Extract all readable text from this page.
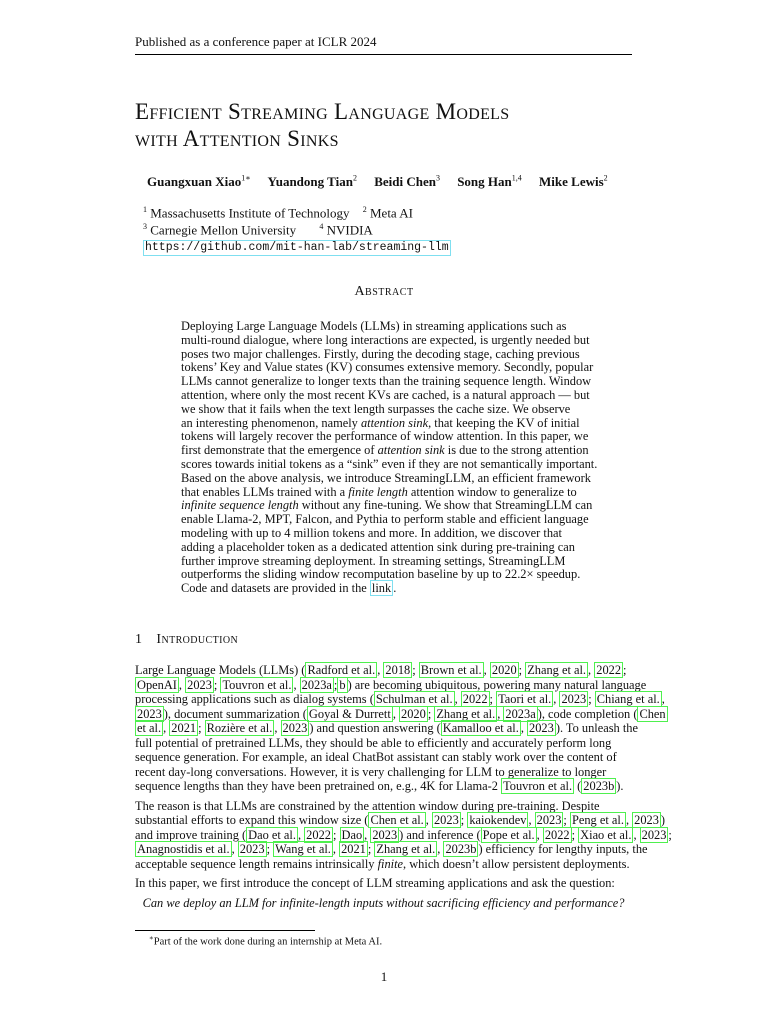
Published as a conference paper at ICLR 2024
Efficient Streaming Language Models
with Attention Sinks
Guangxuan Xiao$^{1∗}$ Yuandong Tian$^2$ Beidi Chen$^3$ Song Han$^{1,4}$ Mike Lewis$^2$
$^1$ Massachusetts Institute of Technology $^2$ Meta AI
$^3$ Carnegie Mellon University	$^4$ NVIDIA
https://github.com/mit-han-lab/streaming-llm
Abstract
Deploying Large Language Models (LLMs) in streaming applications such as
multi-round dialogue, where long interactions are expected, is urgently needed but
poses two major challenges. Firstly, during the decoding stage, caching previous
tokens’ Key and Value states (KV) consumes extensive memory. Secondly, popular
LLMs cannot generalize to longer texts than the training sequence length. Window
attention, where only the most recent KVs are cached, is a natural approach — but
we show that it fails when the text length surpasses the cache size. We observe
an interesting phenomenon, namely attention sink, that keeping the KV of initial
tokens will largely recover the performance of window attention. In this paper, we
first demonstrate that the emergence of attention sink is due to the strong attention
scores towards initial tokens as a “sink” even if they are not semantically important.
Based on the above analysis, we introduce StreamingLLM, an efficient framework
that enables LLMs trained with a finite length attention window to generalize to
infinite sequence length without any fine-tuning. We show that StreamingLLM can
enable Llama-2, MPT, Falcon, and Pythia to perform stable and efficient language
modeling with up to 4 million tokens and more. In addition, we discover that
adding a placeholder token as a dedicated attention sink during pre-training can
further improve streaming deployment. In streaming settings, StreamingLLM
outperforms the sliding window recomputation baseline by up to 22.2× speedup.
Code and datasets are provided in the link .
1 Introduction
Large Language Models (LLMs) ( Radford et al. , 2018 ; Brown et al. , 2020 ; Zhang et al. , 2022 ;
OpenAI , 2023 ; Touvron et al. , 2023a ; b ) are becoming ubiquitous, powering many natural language
processing applications such as dialog systems ( Schulman et al. , 2022 ; Taori et al. , 2023 ; Chiang et al. ,
2023 ), document summarization ( Goyal & Durrett , 2020 ; Zhang et al. , 2023a ), code completion ( Chen
et al. , 2021 ; Rozière et al. , 2023 ) and question answering ( Kamalloo et al. , 2023 ). To unleash the
full potential of pretrained LLMs, they should be able to efficiently and accurately perform long
sequence generation. For example, an ideal ChatBot assistant can stably work over the content of
recent day-long conversations. However, it is very challenging for LLM to generalize to longer
sequence lengths than they have been pretrained on, e.g., 4K for Llama-2 Touvron et al. ( 2023b ).
The reason is that LLMs are constrained by the attention window during pre-training. Despite
substantial efforts to expand this window size ( Chen et al. , 2023 ; kaiokendev , 2023 ; Peng et al. , 2023 )
and improve training ( Dao et al. , 2022 ; Dao , 2023 ) and inference ( Pope et al. , 2022 ; Xiao et al. , 2023 ;
Anagnostidis et al. , 2023 ; Wang et al. , 2021 ; Zhang et al. , 2023b ) efficiency for lengthy inputs, the
acceptable sequence length remains intrinsically finite, which doesn’t allow persistent deployments.
In this paper, we first introduce the concept of LLM streaming applications and ask the question:
Can we deploy an LLM for infinite-length inputs without sacrificing efficiency and performance?
∗Part of the work done during an internship at Meta AI.
1
